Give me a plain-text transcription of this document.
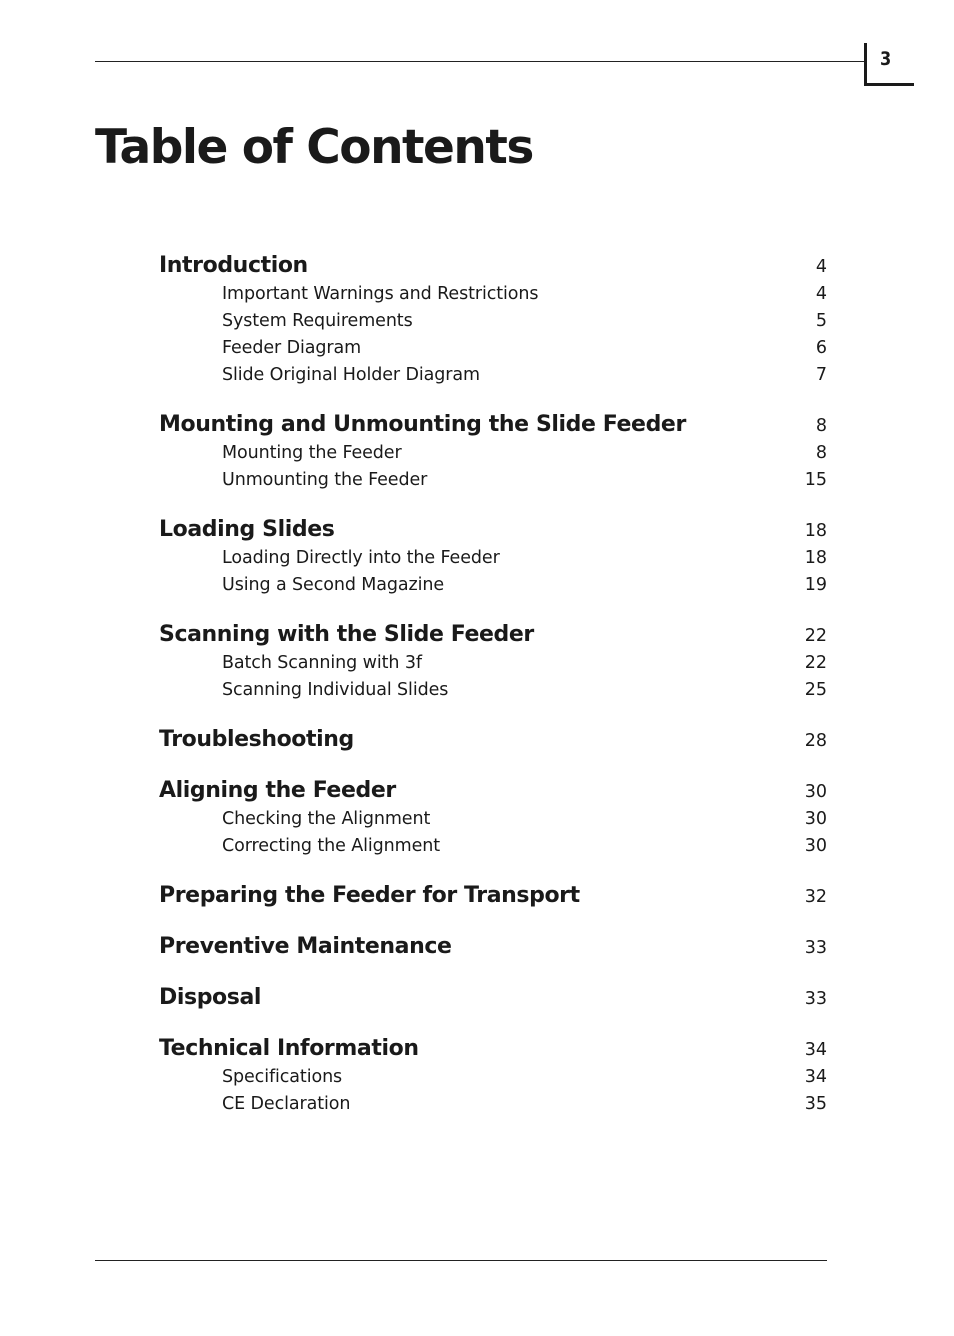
3
Table of Contents
Introduction	4
Important Warnings and Restrictions	4
System Requirements	5
Feeder Diagram	6
Slide Original Holder Diagram	7
Mounting and Unmounting the Slide Feeder	8
Mounting the Feeder	8
Unmounting the Feeder	15
Loading Slides	18
Loading Directly into the Feeder	18
Using a Second Magazine	19
Scanning with the Slide Feeder	22
Batch Scanning with 3f	22
Scanning Individual Slides	25
Troubleshooting	28
Aligning the Feeder	30
Checking the Alignment	30
Correcting the Alignment	30
Preparing the Feeder for Transport	32
Preventive Maintenance	33
Disposal	33
Technical Information	34
Specifications	34
CE Declaration	35
